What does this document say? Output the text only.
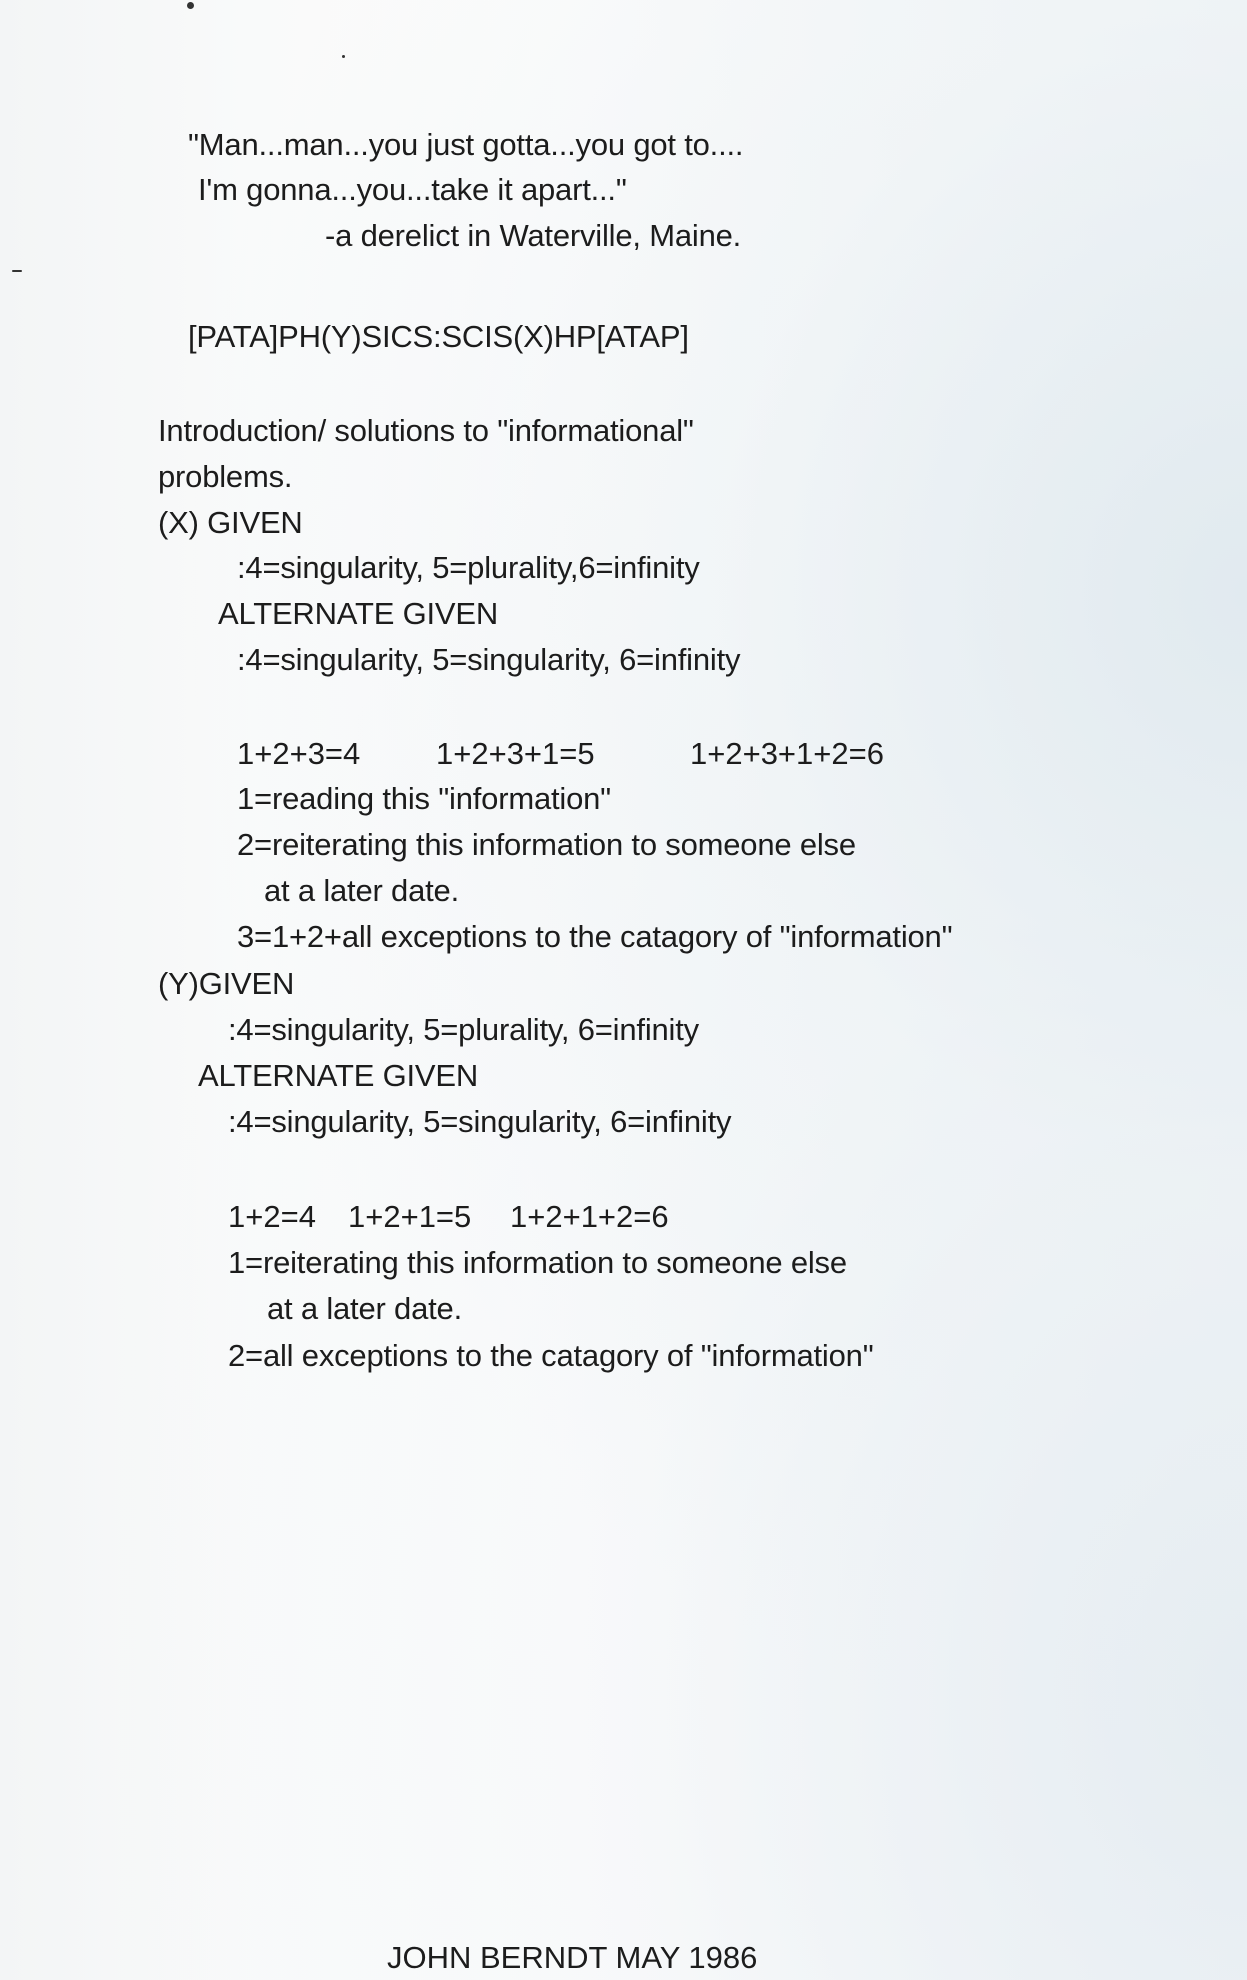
"Man...man...you just gotta...you got to....
I'm gonna...you...take it apart..."
-a derelict in Waterville, Maine.
[PATA]PH(Y)SICS:SCIS(X)HP[ATAP]
Introduction/ solutions to "informational"
problems.
(X) GIVEN
:4=singularity, 5=plurality,6=infinity
ALTERNATE GIVEN
:4=singularity, 5=singularity, 6=infinity
1+2+3=4 1+2+3+1=5	1+2+3+1+2=6
1=reading this "information"
2=reiterating this information to someone else
at a later date.
3=1+2+all exceptions to the catagory of "information"
(Y)GIVEN
:4=singularity, 5=plurality, 6=infinity
ALTERNATE GIVEN
:4=singularity, 5=singularity, 6=infinity
1+2=4 1+2+1=5 1+2+1+2=6
1=reiterating this information to someone else
at a later date.
2=all exceptions to the catagory of "information"
JOHN BERNDT MAY 1986
